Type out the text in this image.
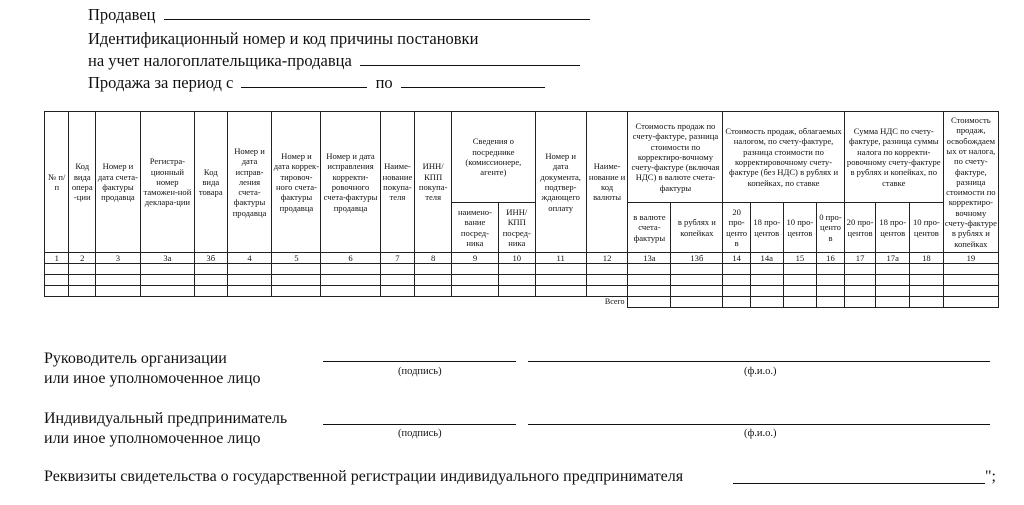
Продавец
Идентификационный номер и код причины постановки
на учет налогоплательщика-продавца
Продажа за период с	по
№ п/п	Код вида опера-ции	Номер и дата счета-фактуры продавца	Регистра-ционный номер таможен-ной деклара-ции	Код вида товара	Номер и дата исправ-ления счета-фактуры продавца	Номер и дата коррек-тировоч-ного счета-фактуры продавца	Номер и дата исправления корректи-ровочного счета-фактуры продавца	Наиме-нование покупа-теля	ИНН/ КПП покупа-теля	Сведения о посреднике (комиссионере, агенте)		Номер и дата документа, подтвер-ждающего оплату	Наиме-нование и код валюты	Стоимость продаж по счету-фактуре, разница стоимости по корректиро-вочному счету-фактуре (включая НДС) в валюте счета-фактуры		Стоимость продаж, облагаемых налогом, по счету-фактуре, разница стоимости по корректировочному счету-фактуре (без НДС) в рублях и копейках, по ставке				Сумма НДС по счету-фактуре, разница суммы налога по корректи-ровочному счету-фактуре в рублях и копейках, по ставке			Стоимость продаж, освобождаемых от налога, по счету-фактуре, разница стоимости по корректиро-вочному счету-фактуре в рублях и копейках
										наимено-вание посред-ника	ИНН/ КПП посред-ника			в валюте счета-фактуры	в рублях и копейках	20 про-центов	18 про-центов	10 про-центов	0 про-центов	20 про-центов	18 про-центов	10 про-центов	
1	2	3	3а	3б	4	5	6	7	8	9	10	11	12	13а	13б	14	14а	15	16	17	17а	18	19

Всего																							
Руководитель организации
или иное уполномоченное лицо	(подпись)	(ф.и.о.)
Индивидуальный предприниматель
или иное уполномоченное лицо	(подпись)	(ф.и.о.)
Реквизиты свидетельства о государственной регистрации индивидуального предпринимателя	";
